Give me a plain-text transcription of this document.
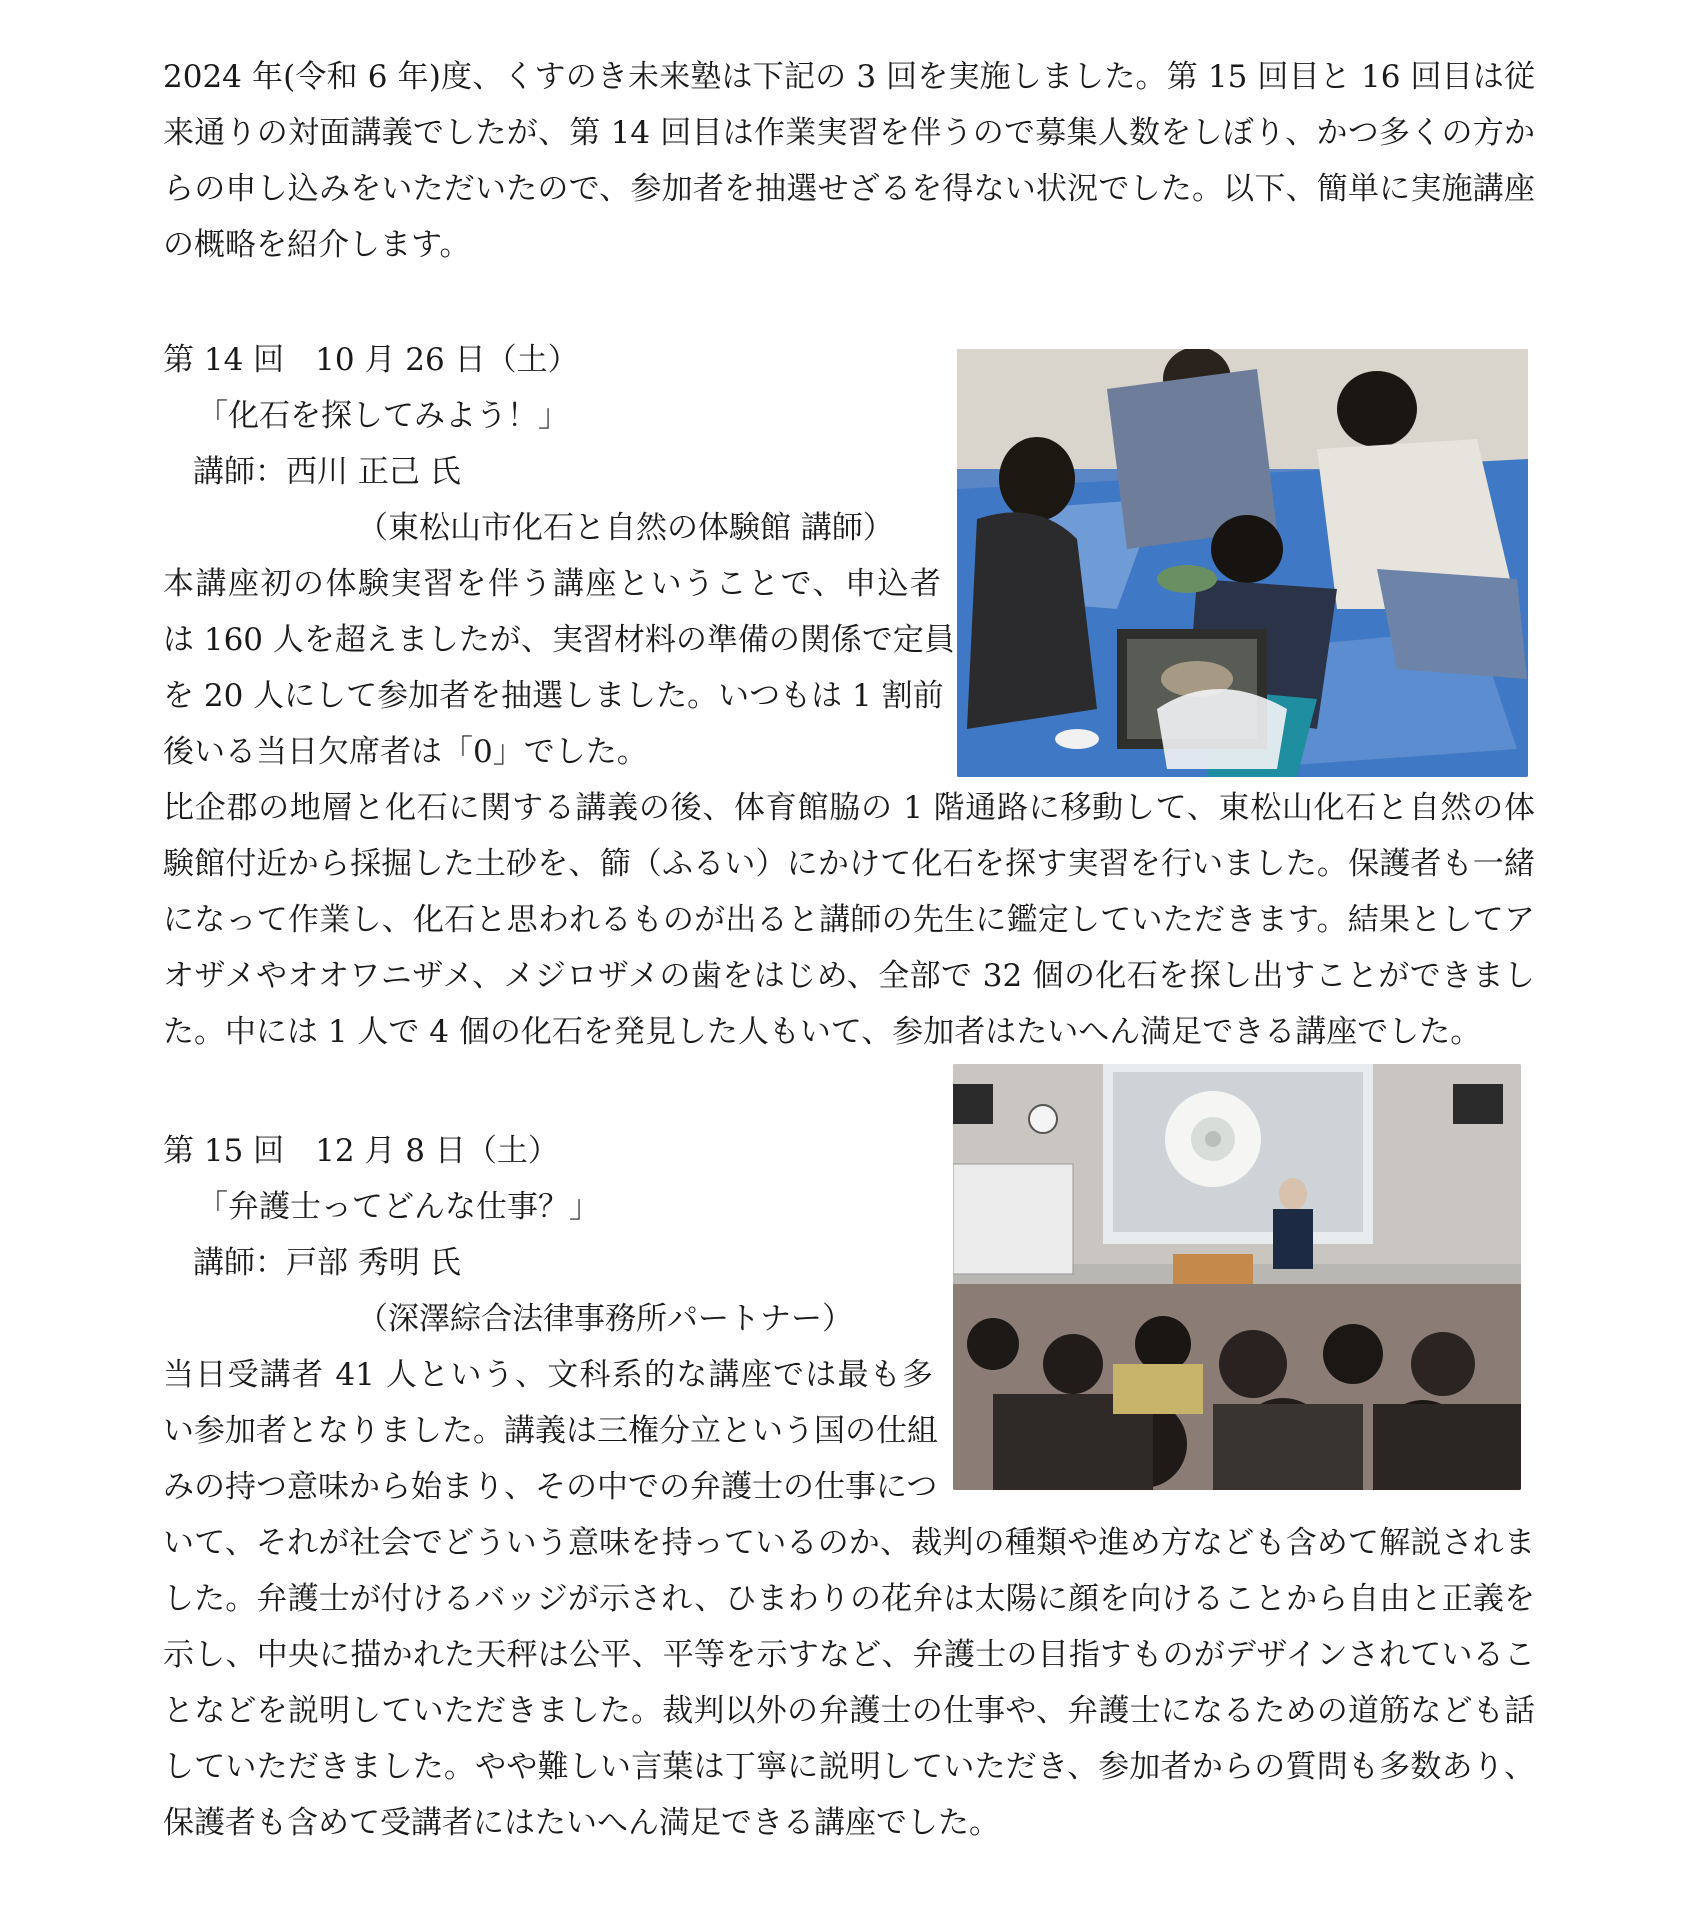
2024 年(令和 6 年)度、くすのき未来塾は下記の 3 回を実施しました。第 15 回目と 16 回目は従
来通りの対面講義でしたが、第 14 回目は作業実習を伴うので募集人数をしぼり、かつ多くの方か
らの申し込みをいただいたので、参加者を抽選せざるを得ない状況でした。以下、簡単に実施講座
の概略を紹介します。
第 14 回　10 月 26 日（土）
「化石を探してみよう！」
講師：西川 正己 氏
（東松山市化石と自然の体験館 講師）
本講座初の体験実習を伴う講座ということで、申込者
は 160 人を超えましたが、実習材料の準備の関係で定員
を 20 人にして参加者を抽選しました。いつもは 1 割前
後いる当日欠席者は「0」でした。
比企郡の地層と化石に関する講義の後、体育館脇の 1 階通路に移動して、東松山化石と自然の体
験館付近から採掘した土砂を、篩（ふるい）にかけて化石を探す実習を行いました。保護者も一緒
になって作業し、化石と思われるものが出ると講師の先生に鑑定していただきます。結果としてア
オザメやオオワニザメ、メジロザメの歯をはじめ、全部で 32 個の化石を探し出すことができまし
た。中には 1 人で 4 個の化石を発見した人もいて、参加者はたいへん満足できる講座でした。
第 15 回　12 月 8 日（土）
「弁護士ってどんな仕事？」
講師：戸部 秀明 氏
（深澤綜合法律事務所パートナー）
当日受講者 41 人という、文科系的な講座では最も多
い参加者となりました。講義は三権分立という国の仕組
みの持つ意味から始まり、その中での弁護士の仕事につ
いて、それが社会でどういう意味を持っているのか、裁判の種類や進め方なども含めて解説されま
した。弁護士が付けるバッジが示され、ひまわりの花弁は太陽に顔を向けることから自由と正義を
示し、中央に描かれた天秤は公平、平等を示すなど、弁護士の目指すものがデザインされているこ
となどを説明していただきました。裁判以外の弁護士の仕事や、弁護士になるための道筋なども話
していただきました。やや難しい言葉は丁寧に説明していただき、参加者からの質問も多数あり、
保護者も含めて受講者にはたいへん満足できる講座でした。
